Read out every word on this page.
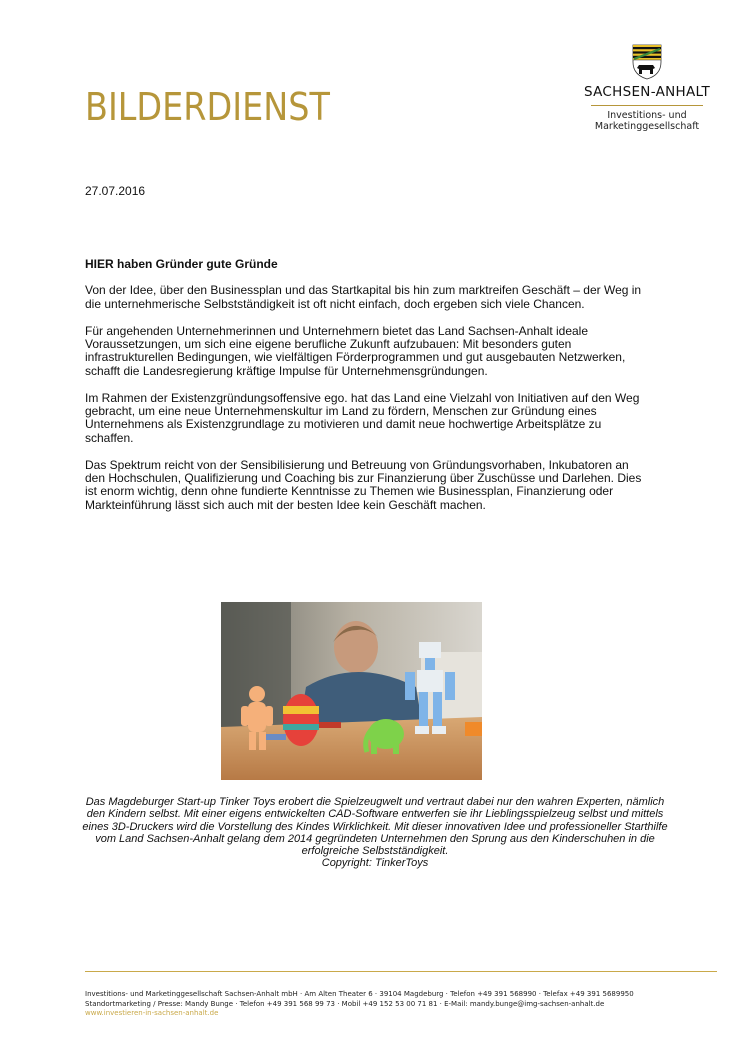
BILDERDIENST	SACHSEN-ANHALT
Investitions- und
Marketinggesellschaft
27.07.2016

HIER haben Gründer gute Gründe

Von der Idee, über den Businessplan und das Startkapital bis hin zum marktreifen Geschäft – der Weg in die unternehmerische Selbstständigkeit ist oft nicht einfach, doch ergeben sich viele Chancen.

Für angehenden Unternehmerinnen und Unternehmern bietet das Land Sachsen-Anhalt ideale Voraussetzungen, um sich eine eigene berufliche Zukunft aufzubauen: Mit besonders guten infrastrukturellen Bedingungen, wie vielfältigen Förderprogrammen und gut ausgebauten Netzwerken, schafft die Landesregierung kräftige Impulse für Unternehmensgründungen.

Im Rahmen der Existenzgründungsoffensive ego. hat das Land eine Vielzahl von Initiativen auf den Weg gebracht, um eine neue Unternehmenskultur im Land zu fördern, Menschen zur Gründung eines Unternehmens als Existenzgrundlage zu motivieren und damit neue hochwertige Arbeitsplätze zu schaffen.

Das Spektrum reicht von der Sensibilisierung und Betreuung von Gründungsvorhaben, Inkubatoren an den Hochschulen, Qualifizierung und Coaching bis zur Finanzierung über Zuschüsse und Darlehen. Dies ist enorm wichtig, denn ohne fundierte Kenntnisse zu Themen wie Businessplan, Finanzierung oder Markteinführung lässt sich auch mit der besten Idee kein Geschäft machen.

Das Magdeburger Start-up Tinker Toys erobert die Spielzeugwelt und vertraut dabei nur den wahren Experten, nämlich den Kindern selbst. Mit einer eigens entwickelten CAD-Software entwerfen sie ihr Lieblingsspielzeug selbst und mittels eines 3D-Druckers wird die Vorstellung des Kindes Wirklichkeit. Mit dieser innovativen Idee und professioneller Starthilfe vom Land Sachsen-Anhalt gelang dem 2014 gegründeten Unternehmen den Sprung aus den Kinderschuhen in die erfolgreiche Selbstständigkeit.
Copyright: TinkerToys
Investitions- und Marketinggesellschaft Sachsen-Anhalt mbH · Am Alten Theater 6 · 39104 Magdeburg · Telefon +49 391 568990 · Telefax +49 391 5689950
Standortmarketing / Presse: Mandy Bunge · Telefon +49 391 568 99 73 · Mobil +49 152 53 00 71 81 · E-Mail: mandy.bunge@img-sachsen-anhalt.de
www.investieren-in-sachsen-anhalt.de
